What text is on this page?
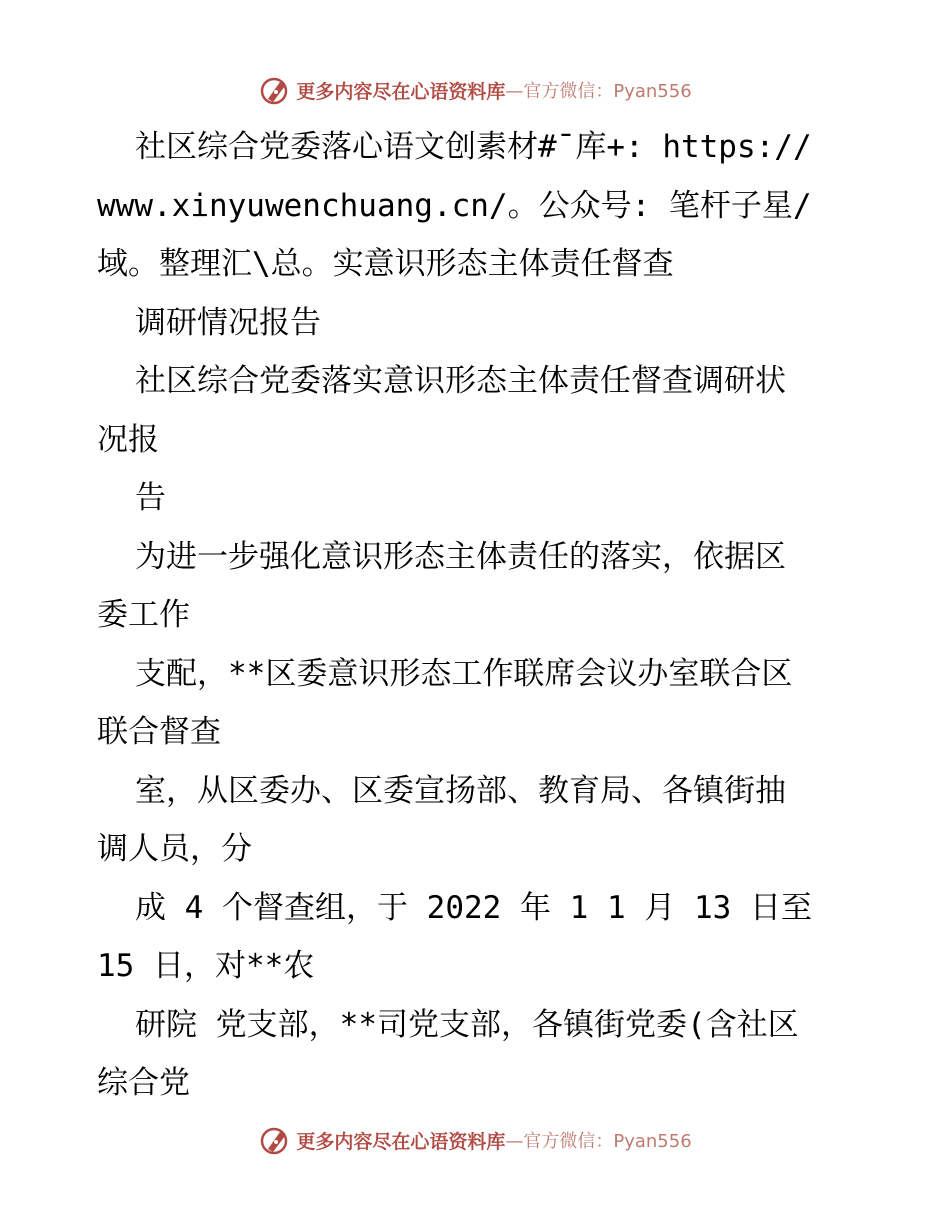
更多内容尽在心语资料库 —官方微信：Pyan556
社区综合党委落心语文创素材#¯库+: https://
www.xinyuwenchuang.cn/。公众号: 笔杆子星/
域。整理汇\总。实意识形态主体责任督查
调研情况报告
社区综合党委落实意识形态主体责任督查调研状
况报
告
为进一步强化意识形态主体责任的落实，依据区
委工作
支配，**区委意识形态工作联席会议办室联合区
联合督查
室，从区委办、区委宣扬部、教育局、各镇街抽
调人员，分
成 4 个督查组，于 2022 年 1 1 月 13 日至
15 日，对**农
研院 党支部，**司党支部，各镇街党委(含社区
综合党
更多内容尽在心语资料库 —官方微信：Pyan556
